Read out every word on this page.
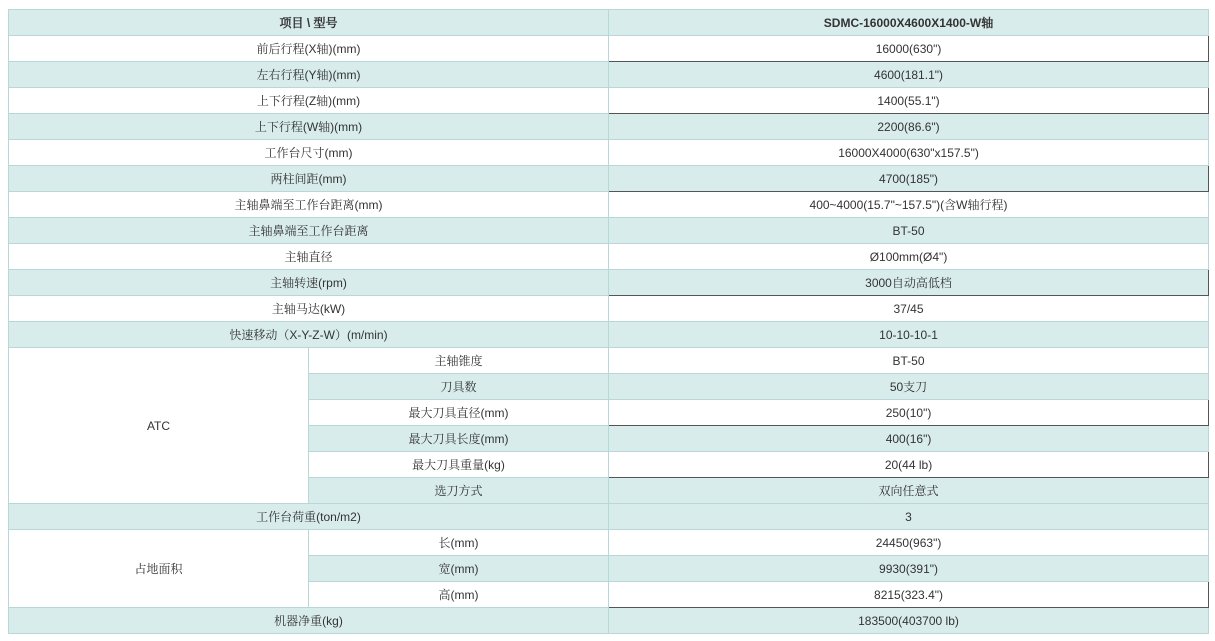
项目 \ 型号		SDMC-16000X4600X1400-W轴
前后行程(X轴)(mm)		16000(630")
左右行程(Y轴)(mm)		4600(181.1")
上下行程(Z轴)(mm)		1400(55.1")
上下行程(W轴)(mm)		2200(86.6")
工作台尺寸(mm)		16000X4000(630"x157.5")
两柱间距(mm)		4700(185")
主轴鼻端至工作台距离(mm)		400~4000(15.7"~157.5")(含W轴行程)
主轴鼻端至工作台距离		BT-50
主轴直径		Ø100mm(Ø4")
主轴转速(rpm)		3000自动高低档
主轴马达(kW)		37/45
快速移动（X-Y-Z-W）(m/min)		10-10-10-1
ATC	主轴锥度	BT-50
	刀具数	50支刀
	最大刀具直径(mm)	250(10")
	最大刀具长度(mm)	400(16")
	最大刀具重量(kg)	20(44 lb)
	选刀方式	双向任意式
工作台荷重(ton/m2)		3
占地面积	长(mm)	24450(963")
	宽(mm)	9930(391")
	高(mm)	8215(323.4")
机器净重(kg)		183500(403700 lb)
